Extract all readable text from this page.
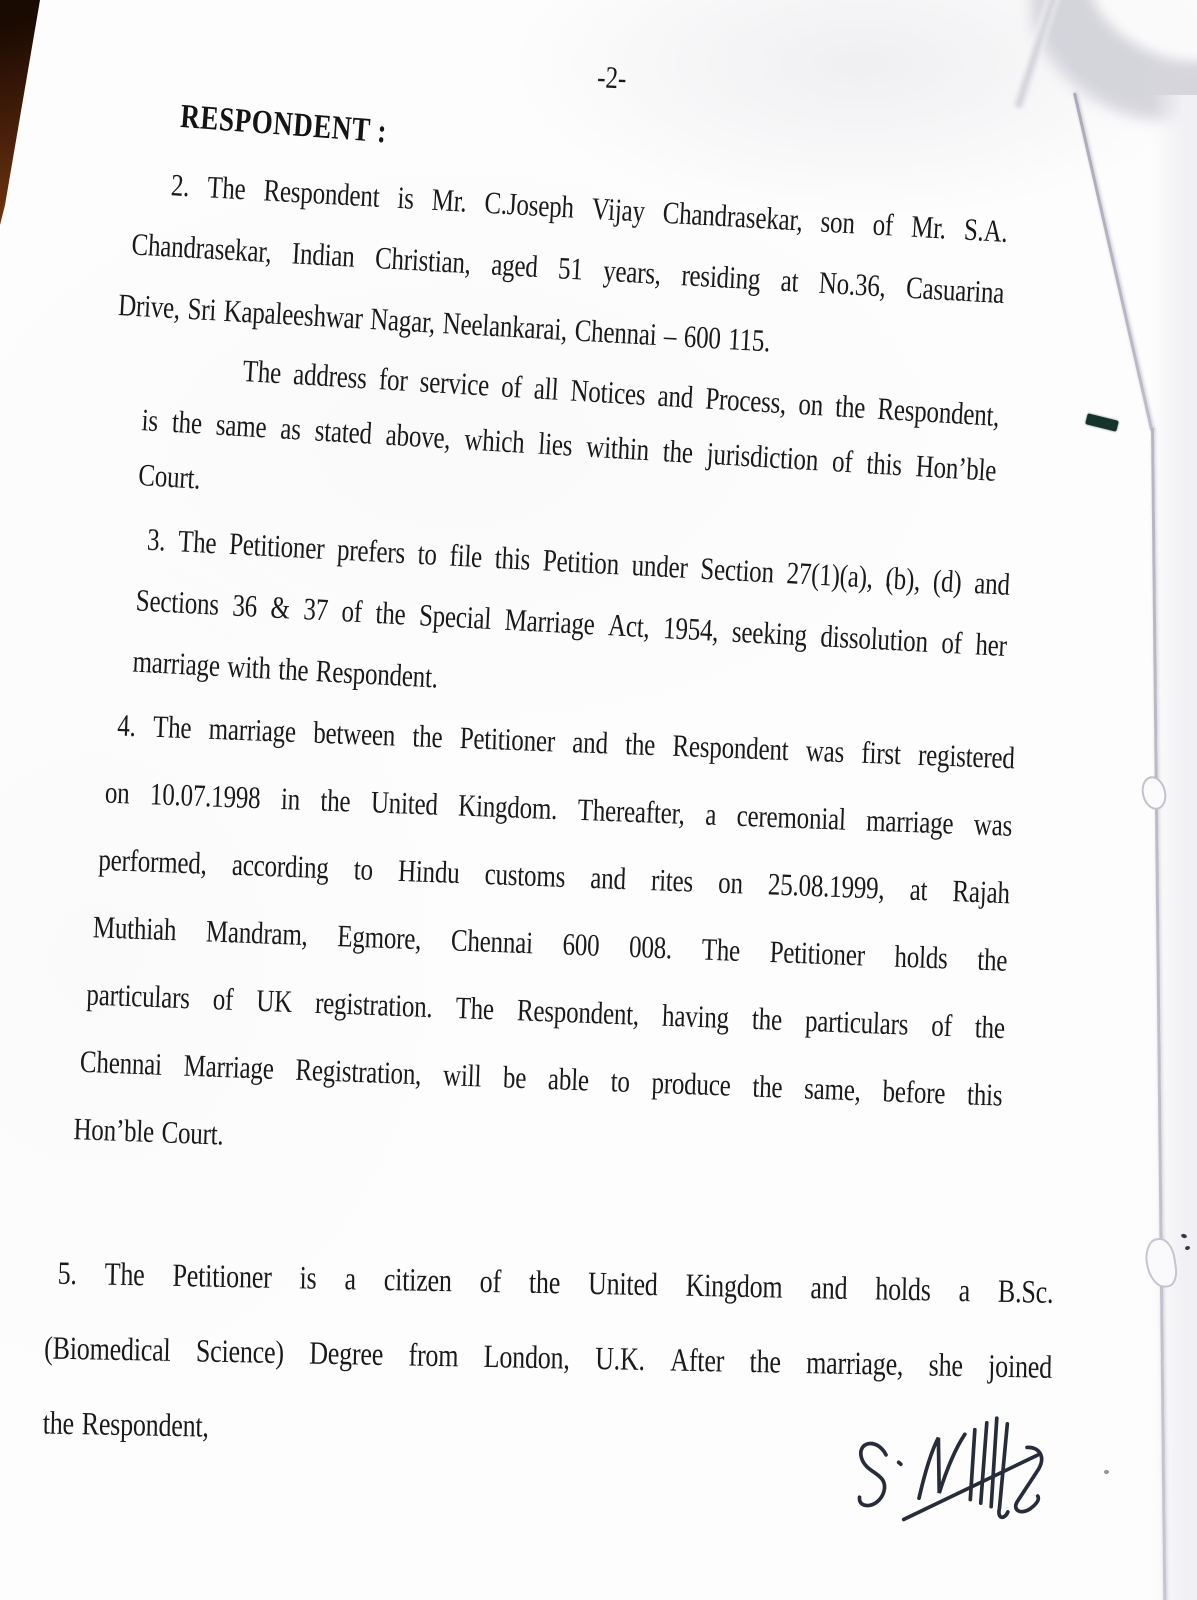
-2-
RESPONDENT :
2. The Respondent is Mr. C.Joseph Vijay Chandrasekar, son of Mr. S.A.
Chandrasekar, Indian Christian, aged 51 years, residing at No.36, Casuarina
Drive, Sri Kapaleeshwar Nagar, Neelankarai, Chennai – 600 115.
The address for service of all Notices and Process, on the Respondent,
is the same as stated above, which lies within the jurisdiction of this Hon’ble
Court.
3. The Petitioner prefers to file this Petition under Section 27(1)(a), (b), (d) and
Sections 36 & 37 of the Special Marriage Act, 1954, seeking dissolution of her
marriage with the Respondent.
4. The marriage between the Petitioner and the Respondent was first registered
on 10.07.1998 in the United Kingdom. Thereafter, a ceremonial marriage was
performed, according to Hindu customs and rites on 25.08.1999, at Rajah
Muthiah Mandram, Egmore, Chennai 600 008. The Petitioner holds the
particulars of UK registration. The Respondent, having the particulars of the
Chennai Marriage Registration, will be able to produce the same, before this
Hon’ble Court.
5. The Petitioner is a citizen of the United Kingdom and holds a B.Sc.
(Biomedical Science) Degree from London, U.K. After the marriage, she joined
the Respondent,
